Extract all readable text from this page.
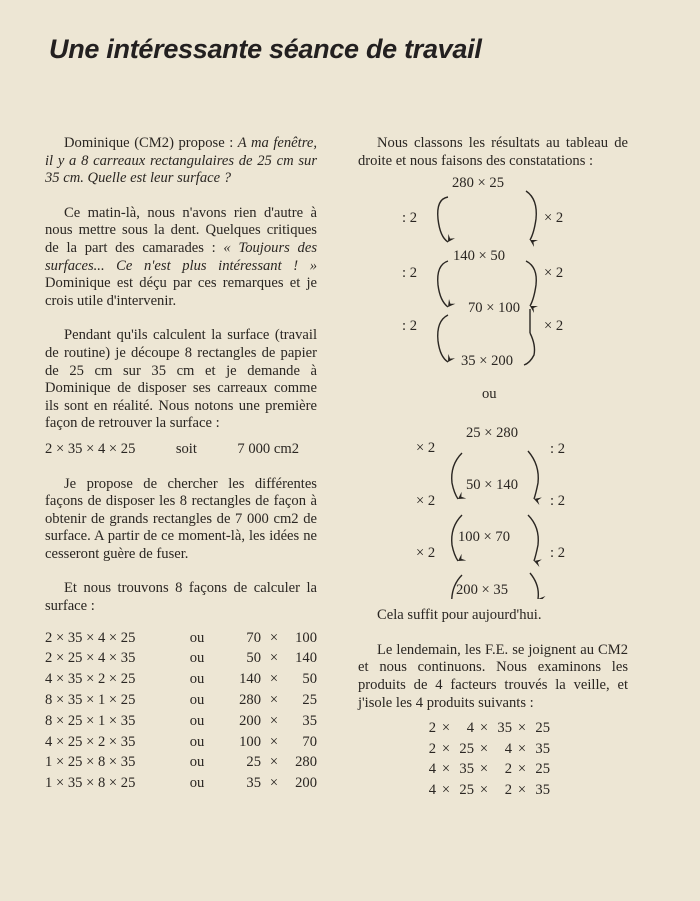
Une intéressante séance de travail

Dominique (CM2) propose : A ma fenêtre, il y a 8 carreaux rectangulaires de 25 cm sur 35 cm. Quelle est leur surface ?

Ce matin-là, nous n'avons rien d'autre à nous mettre sous la dent. Quelques critiques de la part des camarades : « Toujours des surfaces... Ce n'est plus intéressant ! » Dominique est déçu par ces remarques et je crois utile d'intervenir.

Pendant qu'ils calculent la surface (travail de routine) je découpe 8 rectangles de papier de 25 cm sur 35 cm et je demande à Dominique de disposer ses carreaux comme ils sont en réalité. Nous notons une première façon de retrouver la surface :

2 × 35 × 4 × 25	soit	7 000 cm2

Je propose de chercher les différentes façons de disposer les 8 rectangles de façon à obtenir de grands rectangles de 7 000 cm2 de surface. A partir de ce moment-là, les idées ne cesseront guère de fuser.

Et nous trouvons 8 façons de calculer la surface :

2 × 35 × 4 × 25	ou	70	×	100
2 × 25 × 4 × 35	ou	50	×	140
4 × 35 × 2 × 25	ou	140	×	50
8 × 35 × 1 × 25	ou	280	×	25
8 × 25 × 1 × 35	ou	200	×	35
4 × 25 × 2 × 35	ou	100	×	70
1 × 25 × 8 × 35	ou	25	×	280
1 × 35 × 8 × 25	ou	35	×	200

Nous classons les résultats au tableau de droite et nous faisons des constatations :

280 × 25
140 × 50
70 × 100
35 × 200
: 2
: 2
: 2
× 2
× 2
× 2
ou
25 × 280
50 × 140
100 × 70
200 × 35
× 2
× 2
× 2
: 2
: 2
: 2

Cela suffit pour aujourd'hui.

Le lendemain, les F.E. se joignent au CM2 et nous continuons. Nous examinons les produits de 4 facteurs trouvés la veille, et j'isole les 4 produits suivants :

2	×	4	×	35	×	25
2	×	25	×	4	×	35
4	×	35	×	2	×	25
4	×	25	×	2	×	35
